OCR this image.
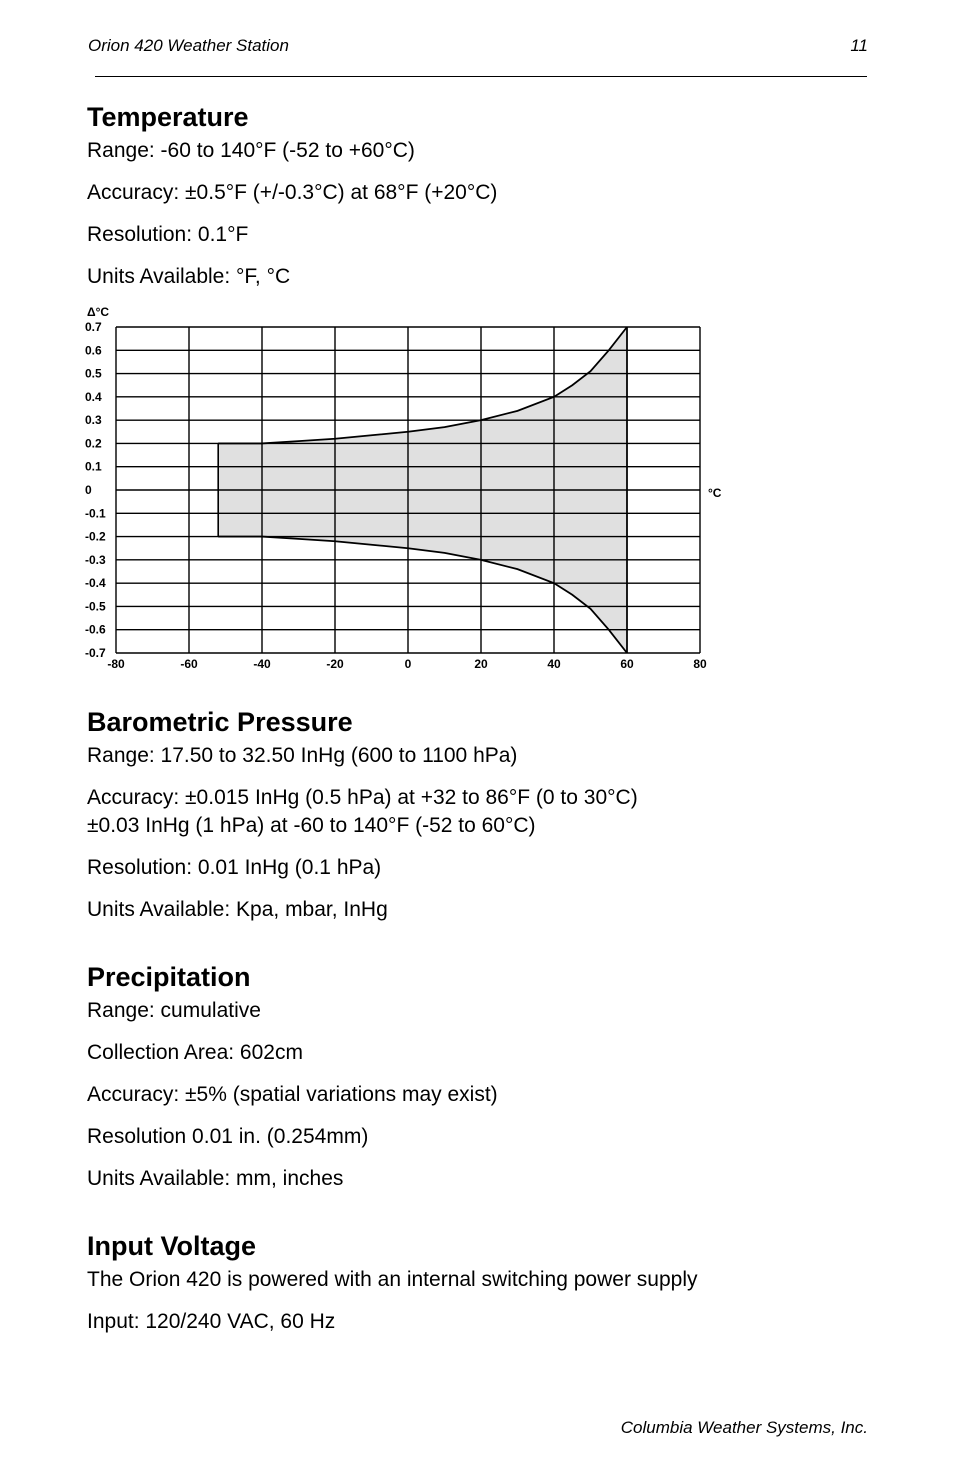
Orion 420 Weather Station	11
Temperature
Range: -60 to 140°F (-52 to +60°C)
Accuracy: ±0.5°F (+/-0.3°C) at 68°F (+20°C)
Resolution: 0.1°F
Units Available: °F, °C
0.7
0.6
0.5
0.4
0.3
0.2
0.1
0
-0.1
-0.2
-0.3
-0.4
-0.5
-0.6
-0.7
-80	-60	-40	-20	0	20	40	60	80
Δ°C
°C
Barometric Pressure
Range: 17.50 to 32.50 InHg (600 to 1100 hPa)
Accuracy: ±0.015 InHg (0.5 hPa) at +32 to 86°F (0 to 30°C)
±0.03 InHg (1 hPa) at -60 to 140°F (-52 to 60°C)
Resolution: 0.01 InHg (0.1 hPa)
Units Available: Kpa, mbar, InHg
Precipitation
Range: cumulative
Collection Area: 602cm
Accuracy: ±5% (spatial variations may exist)
Resolution 0.01 in. (0.254mm)
Units Available: mm, inches
Input Voltage
The Orion 420 is powered with an internal switching power supply
Input: 120/240 VAC, 60 Hz
Columbia Weather Systems, Inc.
